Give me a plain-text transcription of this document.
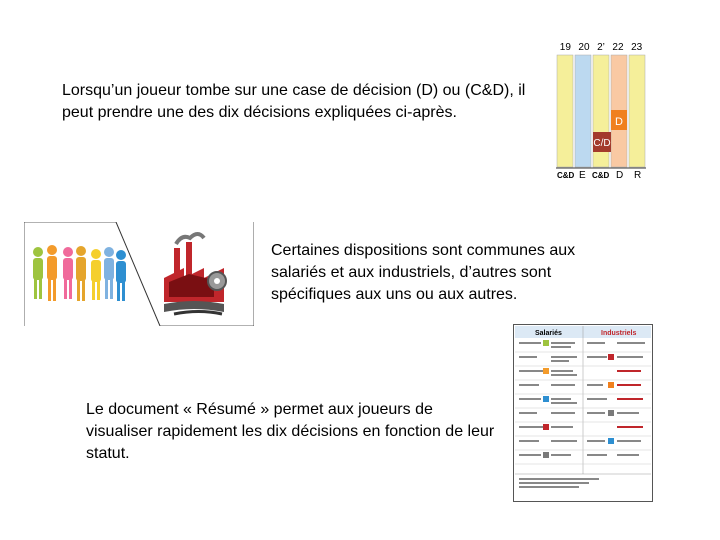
Lorsqu’un joueur tombe sur une case de décision (D) ou (C&D), il peut prendre une des dix décisions expliquées ci-après.

Certaines dispositions sont communes aux salariés et aux industriels, d’autres sont spécifiques aux uns ou aux autres.

Le document « Résumé » permet aux joueurs de visualiser rapidement les dix décisions en fonction de leur statut.

19 20 2’ 22 23
D
C/D
C&D E C&D D R
Salariés	Industriels
